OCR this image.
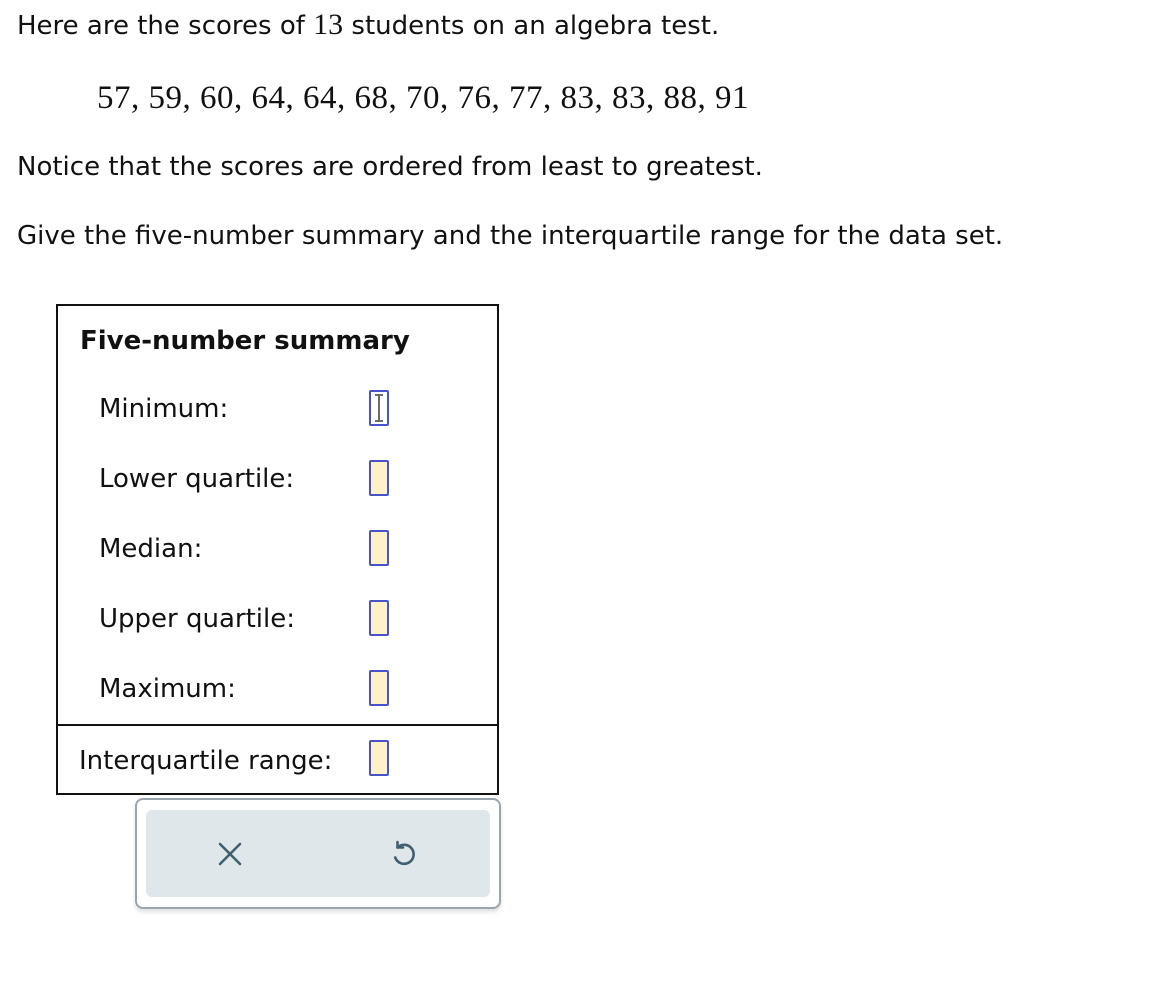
Here are the scores of 13 students on an algebra test.
57, 59, 60, 64, 64, 68, 70, 76, 77, 83, 83, 88, 91
Notice that the scores are ordered from least to greatest.
Give the five-number summary and the interquartile range for the data set.
Five-number summary
Minimum:
Lower quartile:
Median:
Upper quartile:
Maximum:
Interquartile range:
